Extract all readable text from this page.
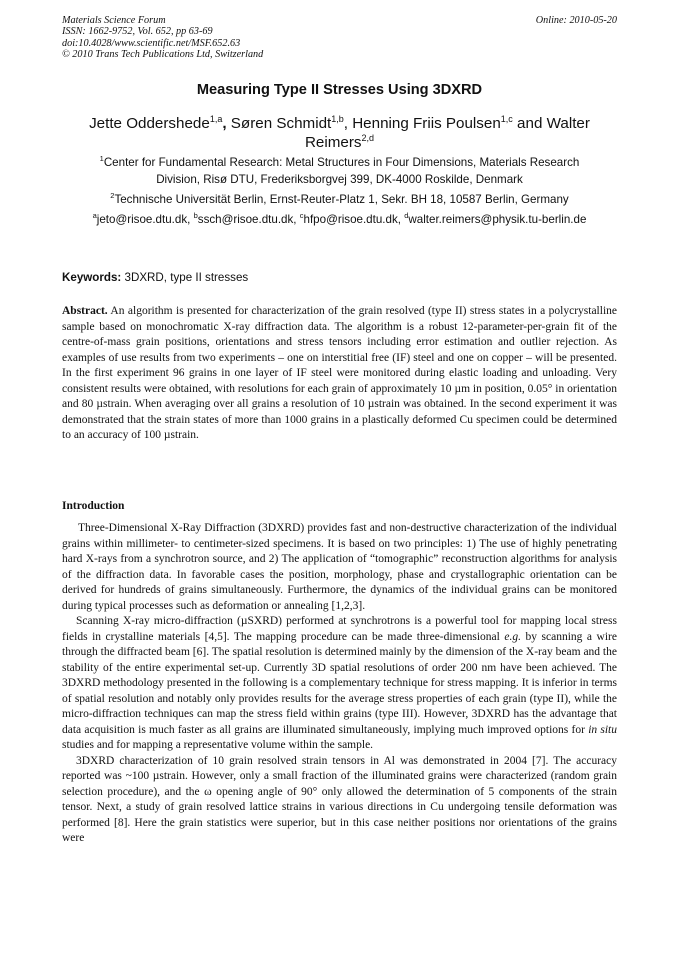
Materials Science Forum
ISSN: 1662-9752, Vol. 652, pp 63-69
doi:10.4028/www.scientific.net/MSF.652.63
© 2010 Trans Tech Publications Ltd, Switzerland
Online: 2010-05-20
Measuring Type II Stresses Using 3DXRD
Jette Oddershede$^{1,a}$, Søren Schmidt$^{1,b}$, Henning Friis Poulsen$^{1,c}$ and Walter
Reimers$^{2,d}$
$^1$Center for Fundamental Research: Metal Structures in Four Dimensions, Materials Research
Division, Risø DTU, Frederiksborgvej 399, DK-4000 Roskilde, Denmark
$^2$Technische Universität Berlin, Ernst-Reuter-Platz 1, Sekr. BH 18, 10587 Berlin, Germany
$^a$jeto@risoe.dtu.dk, $^b$ssch@risoe.dtu.dk, $^c$hfpo@risoe.dtu.dk, $^d$walter.reimers@physik.tu-berlin.de
Keywords: 3DXRD, type II stresses
Abstract. An algorithm is presented for characterization of the grain resolved (type II) stress states in a polycrystalline sample based on monochromatic X-ray diffraction data. The algorithm is a robust 12-parameter-per-grain fit of the centre-of-mass grain positions, orientations and stress tensors including error estimation and outlier rejection. As examples of use results from two experiments – one on interstitial free (IF) steel and one on copper – will be presented. In the first experiment 96 grains in one layer of IF steel were monitored during elastic loading and unloading. Very consistent results were obtained, with resolutions for each grain of approximately 10 µm in position, 0.05° in orientation and 80 µstrain. When averaging over all grains a resolution of 10 µstrain was obtained. In the second experiment it was demonstrated that the strain states of more than 1000 grains in a plastically deformed Cu specimen could be determined to an accuracy of 100 µstrain.
Introduction

Three-Dimensional X-Ray Diffraction (3DXRD) provides fast and non-destructive characterization of the individual grains within millimeter- to centimeter-sized specimens. It is based on two principles: 1) The use of highly penetrating hard X-rays from a synchrotron source, and 2) The application of “tomographic” reconstruction algorithms for analysis of the diffraction data. In favorable cases the position, morphology, phase and crystallographic orientation can be derived for hundreds of grains simultaneously. Furthermore, the dynamics of the individual grains can be monitored during typical processes such as deformation or annealing [1,2,3].

Scanning X-ray micro-diffraction (µSXRD) performed at synchrotrons is a powerful tool for mapping local stress fields in crystalline materials [4,5]. The mapping procedure can be made three-dimensional e.g. by scanning a wire through the diffracted beam [6]. The spatial resolution is determined mainly by the dimension of the X-ray beam and the stability of the entire experimental set-up. Currently 3D spatial resolutions of order 200 nm have been achieved. The 3DXRD methodology presented in the following is a complementary technique for stress mapping. It is inferior in terms of spatial resolution and notably only provides results for the average stress properties of each grain (type II), while the micro-diffraction techniques can map the stress field within grains (type III). However, 3DXRD has the advantage that data acquisition is much faster as all grains are illuminated simultaneously, implying much improved options for in situ studies and for mapping a representative volume within the sample.

3DXRD characterization of 10 grain resolved strain tensors in Al was demonstrated in 2004 [7]. The accuracy reported was ~100 µstrain. However, only a small fraction of the illuminated grains were characterized (random grain selection procedure), and the ω opening angle of 90° only allowed the determination of 5 components of the strain tensor. Next, a study of grain resolved lattice strains in various directions in Cu undergoing tensile deformation was performed [8]. Here the grain statistics were superior, but in this case neither positions nor orientations of the grains were
